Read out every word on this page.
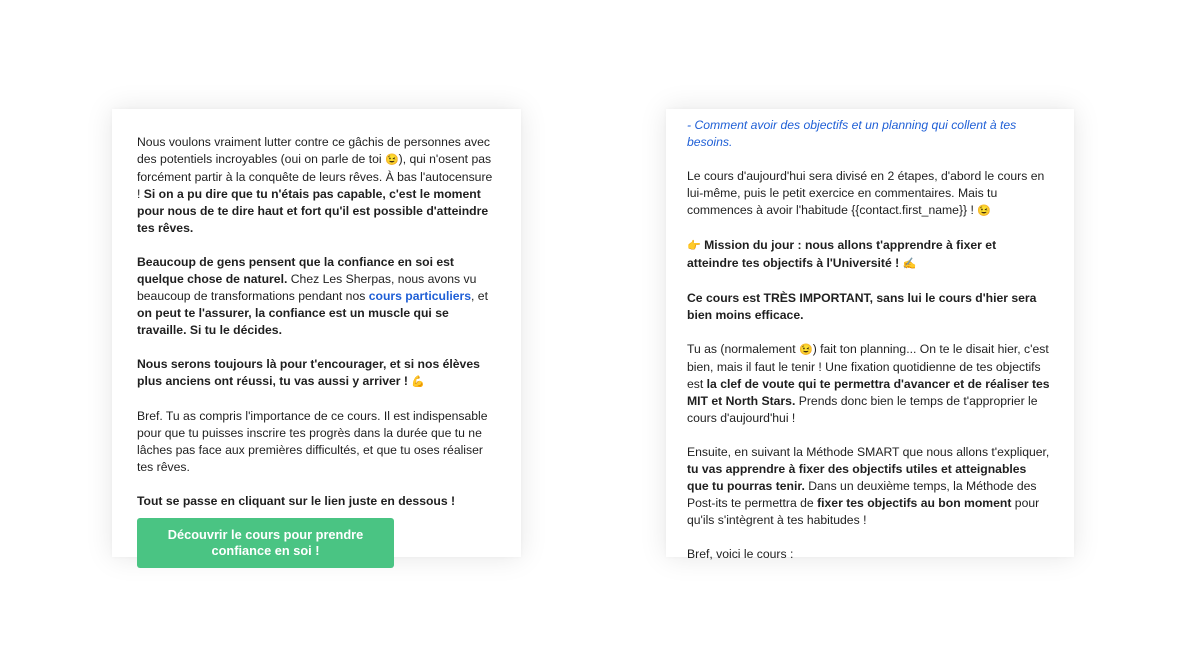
Nous voulons vraiment lutter contre ce gâchis de personnes avec des potentiels incroyables (oui on parle de toi 😉), qui n'osent pas forcément partir à la conquête de leurs rêves. À bas l'autocensure ! Si on a pu dire que tu n'étais pas capable, c'est le moment pour nous de te dire haut et fort qu'il est possible d'atteindre tes rêves.

Beaucoup de gens pensent que la confiance en soi est quelque chose de naturel. Chez Les Sherpas, nous avons vu beaucoup de transformations pendant nos cours particuliers, et on peut te l'assurer, la confiance est un muscle qui se travaille. Si tu le décides.

Nous serons toujours là pour t'encourager, et si nos élèves plus anciens ont réussi, tu vas aussi y arriver ! 💪

Bref. Tu as compris l'importance de ce cours. Il est indispensable pour que tu puisses inscrire tes progrès dans la durée que tu ne lâches pas face aux premières difficultés, et que tu oses réaliser tes rêves.

Tout se passe en cliquant sur le lien juste en dessous !

Découvrir le cours pour prendre confiance en soi !

- Comment avoir des objectifs et un planning qui collent à tes besoins.

Le cours d'aujourd'hui sera divisé en 2 étapes, d'abord le cours en lui-même, puis le petit exercice en commentaires. Mais tu commences à avoir l'habitude {{contact.first_name}} ! 😉

👉 Mission du jour : nous allons t'apprendre à fixer et atteindre tes objectifs à l'Université ! ✍️

Ce cours est TRÈS IMPORTANT, sans lui le cours d'hier sera bien moins efficace.

Tu as (normalement 😉) fait ton planning... On te le disait hier, c'est bien, mais il faut le tenir ! Une fixation quotidienne de tes objectifs est la clef de voute qui te permettra d'avancer et de réaliser tes MIT et North Stars. Prends donc bien le temps de t'approprier le cours d'aujourd'hui !

Ensuite, en suivant la Méthode SMART que nous allons t'expliquer, tu vas apprendre à fixer des objectifs utiles et atteignables que tu pourras tenir. Dans un deuxième temps, la Méthode des Post-its te permettra de fixer tes objectifs au bon moment pour qu'ils s'intègrent à tes habitudes !

Bref, voici le cours :
